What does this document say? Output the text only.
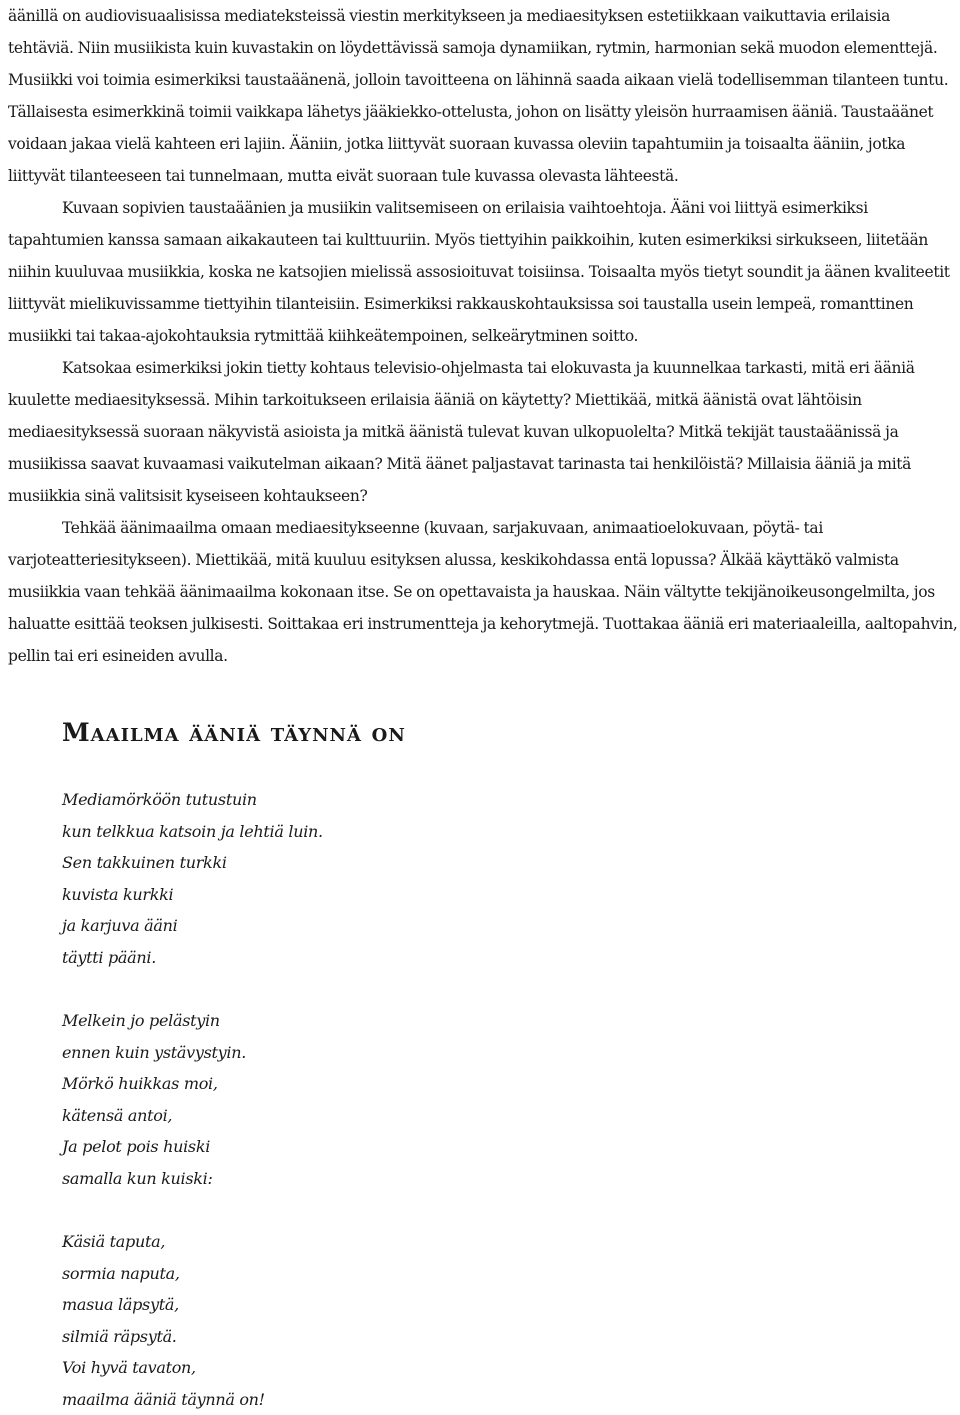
äänillä on audiovisuaalisissa mediateksteissä viestin merkitykseen ja mediaesityksen estetiikkaan vaikuttavia erilaisia tehtäviä. Niin musiikista kuin kuvastakin on löydettävissä samoja dynamiikan, rytmin, harmonian sekä muodon elementtejä. Musiikki voi toimia esimerkiksi taustaäänenä, jolloin tavoitteena on lähinnä saada aikaan vielä todellisemman tilanteen tuntu. Tällaisesta esimerkkinä toimii vaikkapa lähetys jääkiekko-ottelusta, johon on lisätty yleisön hurraamisen ääniä. Taustaäänet voidaan jakaa vielä kahteen eri lajiin. Ääniin, jotka liittyvät suoraan kuvassa oleviin tapahtumiin ja toisaalta ääniin, jotka liittyvät tilanteeseen tai tunnelmaan, mutta eivät suoraan tule kuvassa olevasta lähteestä.

Kuvaan sopivien taustaäänien ja musiikin valitsemiseen on erilaisia vaihtoehtoja. Ääni voi liittyä esimerkiksi tapahtumien kanssa samaan aikakauteen tai kulttuuriin. Myös tiettyihin paikkoihin, kuten esimerkiksi sirkukseen, liitetään niihin kuuluvaa musiikkia, koska ne katsojien mielissä assosioituvat toisiinsa. Toisaalta myös tietyt soundit ja äänen kvaliteetit liittyvät mielikuvissamme tiettyihin tilanteisiin. Esimerkiksi rakkauskohtauksissa soi taustalla usein lempeä, romanttinen musiikki tai takaa-ajokohtauksia rytmittää kiihkeätempoinen, selkeärytminen soitto.

Katsokaa esimerkiksi jokin tietty kohtaus televisio-ohjelmasta tai elokuvasta ja kuunnelkaa tarkasti, mitä eri ääniä kuulette mediaesityksessä. Mihin tarkoitukseen erilaisia ääniä on käytetty? Miettikää, mitkä äänistä ovat lähtöisin mediaesityksessä suoraan näkyvistä asioista ja mitkä äänistä tulevat kuvan ulkopuolelta? Mitkä tekijät taustaäänissä ja musiikissa saavat kuvaamasi vaikutelman aikaan? Mitä äänet paljastavat tarinasta tai henkilöistä? Millaisia ääniä ja mitä musiikkia sinä valitsisit kyseiseen kohtaukseen?

Tehkää äänimaailma omaan mediaesitykseenne (kuvaan, sarjakuvaan, animaatioelokuvaan, pöytä- tai varjoteatteriesitykseen). Miettikää, mitä kuuluu esityksen alussa, keskikohdassa entä lopussa? Älkää käyttäkö valmista musiikkia vaan tehkää äänimaailma kokonaan itse. Se on opettavaista ja hauskaa. Näin vältytte tekijänoikeusongelmilta, jos haluatte esittää teoksen julkisesti. Soittakaa eri instrumentteja ja kehorytmejä. Tuottakaa ääniä eri materiaaleilla, aaltopahvin, pellin tai eri esineiden avulla.

Maailma ääniä täynnä on
Mediamörköön tutustuin
kun telkkua katsoin ja lehtiä luin.
Sen takkuinen turkki
kuvista kurkki
ja karjuva ääni
täytti pääni.
Melkein jo pelästyin
ennen kuin ystävystyin.
Mörkö huikkas moi,
kätensä antoi,
Ja pelot pois huiski
samalla kun kuiski:
Käsiä taputa,
sormia naputa,
masua läpsytä,
silmiä räpsytä.
Voi hyvä tavaton,
maailma ääniä täynnä on!
